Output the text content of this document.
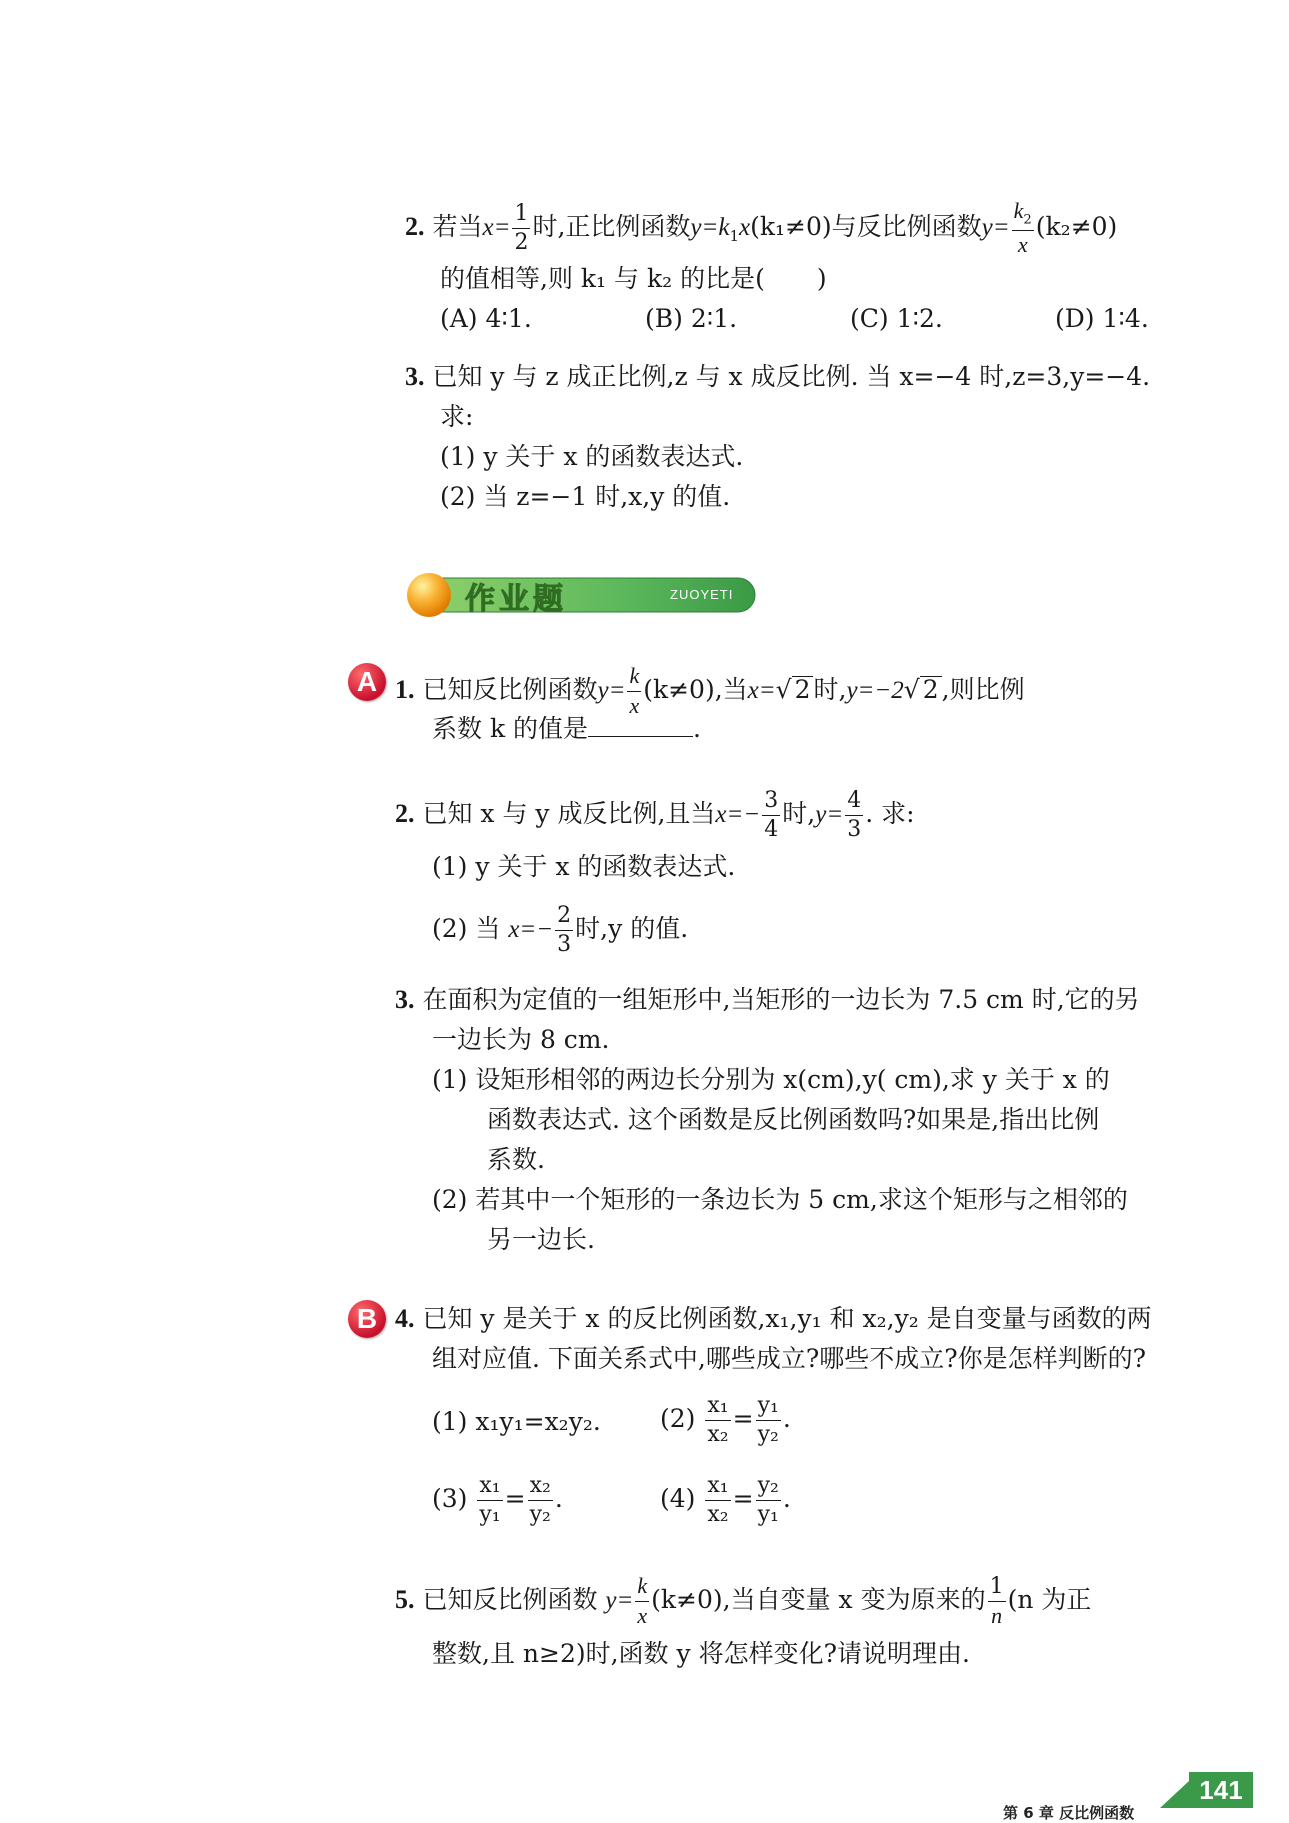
2. 若当$x= \frac{1}{2}$ 时,正比例函数$y=k_1x(k_1\ne 0)$与反比例函数$y= \frac{k_2}{x} (k_2\ne 0)$
的值相等,则 k₁ 与 k₂ 的比是( )
(A) 4∶1.	(B) 2∶1.	(C) 1∶2.	(D) 1∶4.
3. 已知 y 与 z 成正比例,z 与 x 成反比例. 当 x=−4 时,z=3,y=−4.
求:
(1) y 关于 x 的函数表达式.
(2) 当 z=−1 时,x,y 的值.
作业题	ZUOYETI
A 1. 已知反比例函数$y= \frac{k}{x} (k\ne 0)$,当x=√ 2 时,y=−2√ 2 ,则比例
系数 k 的值是	.
2. 已知 x 与 y 成反比例,且当$x=- \frac{3}{4}$ 时$,y= \frac{4}{3}$ . 求:
(1) y 关于 x 的函数表达式.
(2) 当 $x=- \frac{2}{3}$ 时,y 的值.
3. 在面积为定值的一组矩形中,当矩形的一边长为 7.5 cm 时,它的另
一边长为 8 cm.
(1) 设矩形相邻的两边长分别为 x(cm),y( cm),求 y 关于 x 的
函数表达式. 这个函数是反比例函数吗?如果是,指出比例
系数.
(2) 若其中一个矩形的一条边长为 5 cm,求这个矩形与之相邻的
另一边长.
B 4. 已知 y 是关于 x 的反比例函数,x₁,y₁ 和 x₂,y₂ 是自变量与函数的两
组对应值. 下面关系式中,哪些成立?哪些不成立?你是怎样判断的?
(1) x₁y₁=x₂y₂. $(2) \frac{\text{x₁}}{\text{x₂}} = \frac{\text{y₁}}{\text{y₂}}$ .
$(3) \frac{\text{x₁}}{\text{y₁}} = \frac{\text{x₂}}{\text{y₂}}$ .	$(4) \frac{\text{x₁}}{\text{x₂}} = \frac{\text{y₂}}{\text{y₁}}$ .
5. 已知反比例函数 $y= \frac{k}{x} (k\ne 0)$,当自变量 x 变为原来的 $\frac{1}{n} (n$ 为正
整数,且 n≥2)时,函数 y 将怎样变化?请说明理由.
第 6 章 反比例函数
141
